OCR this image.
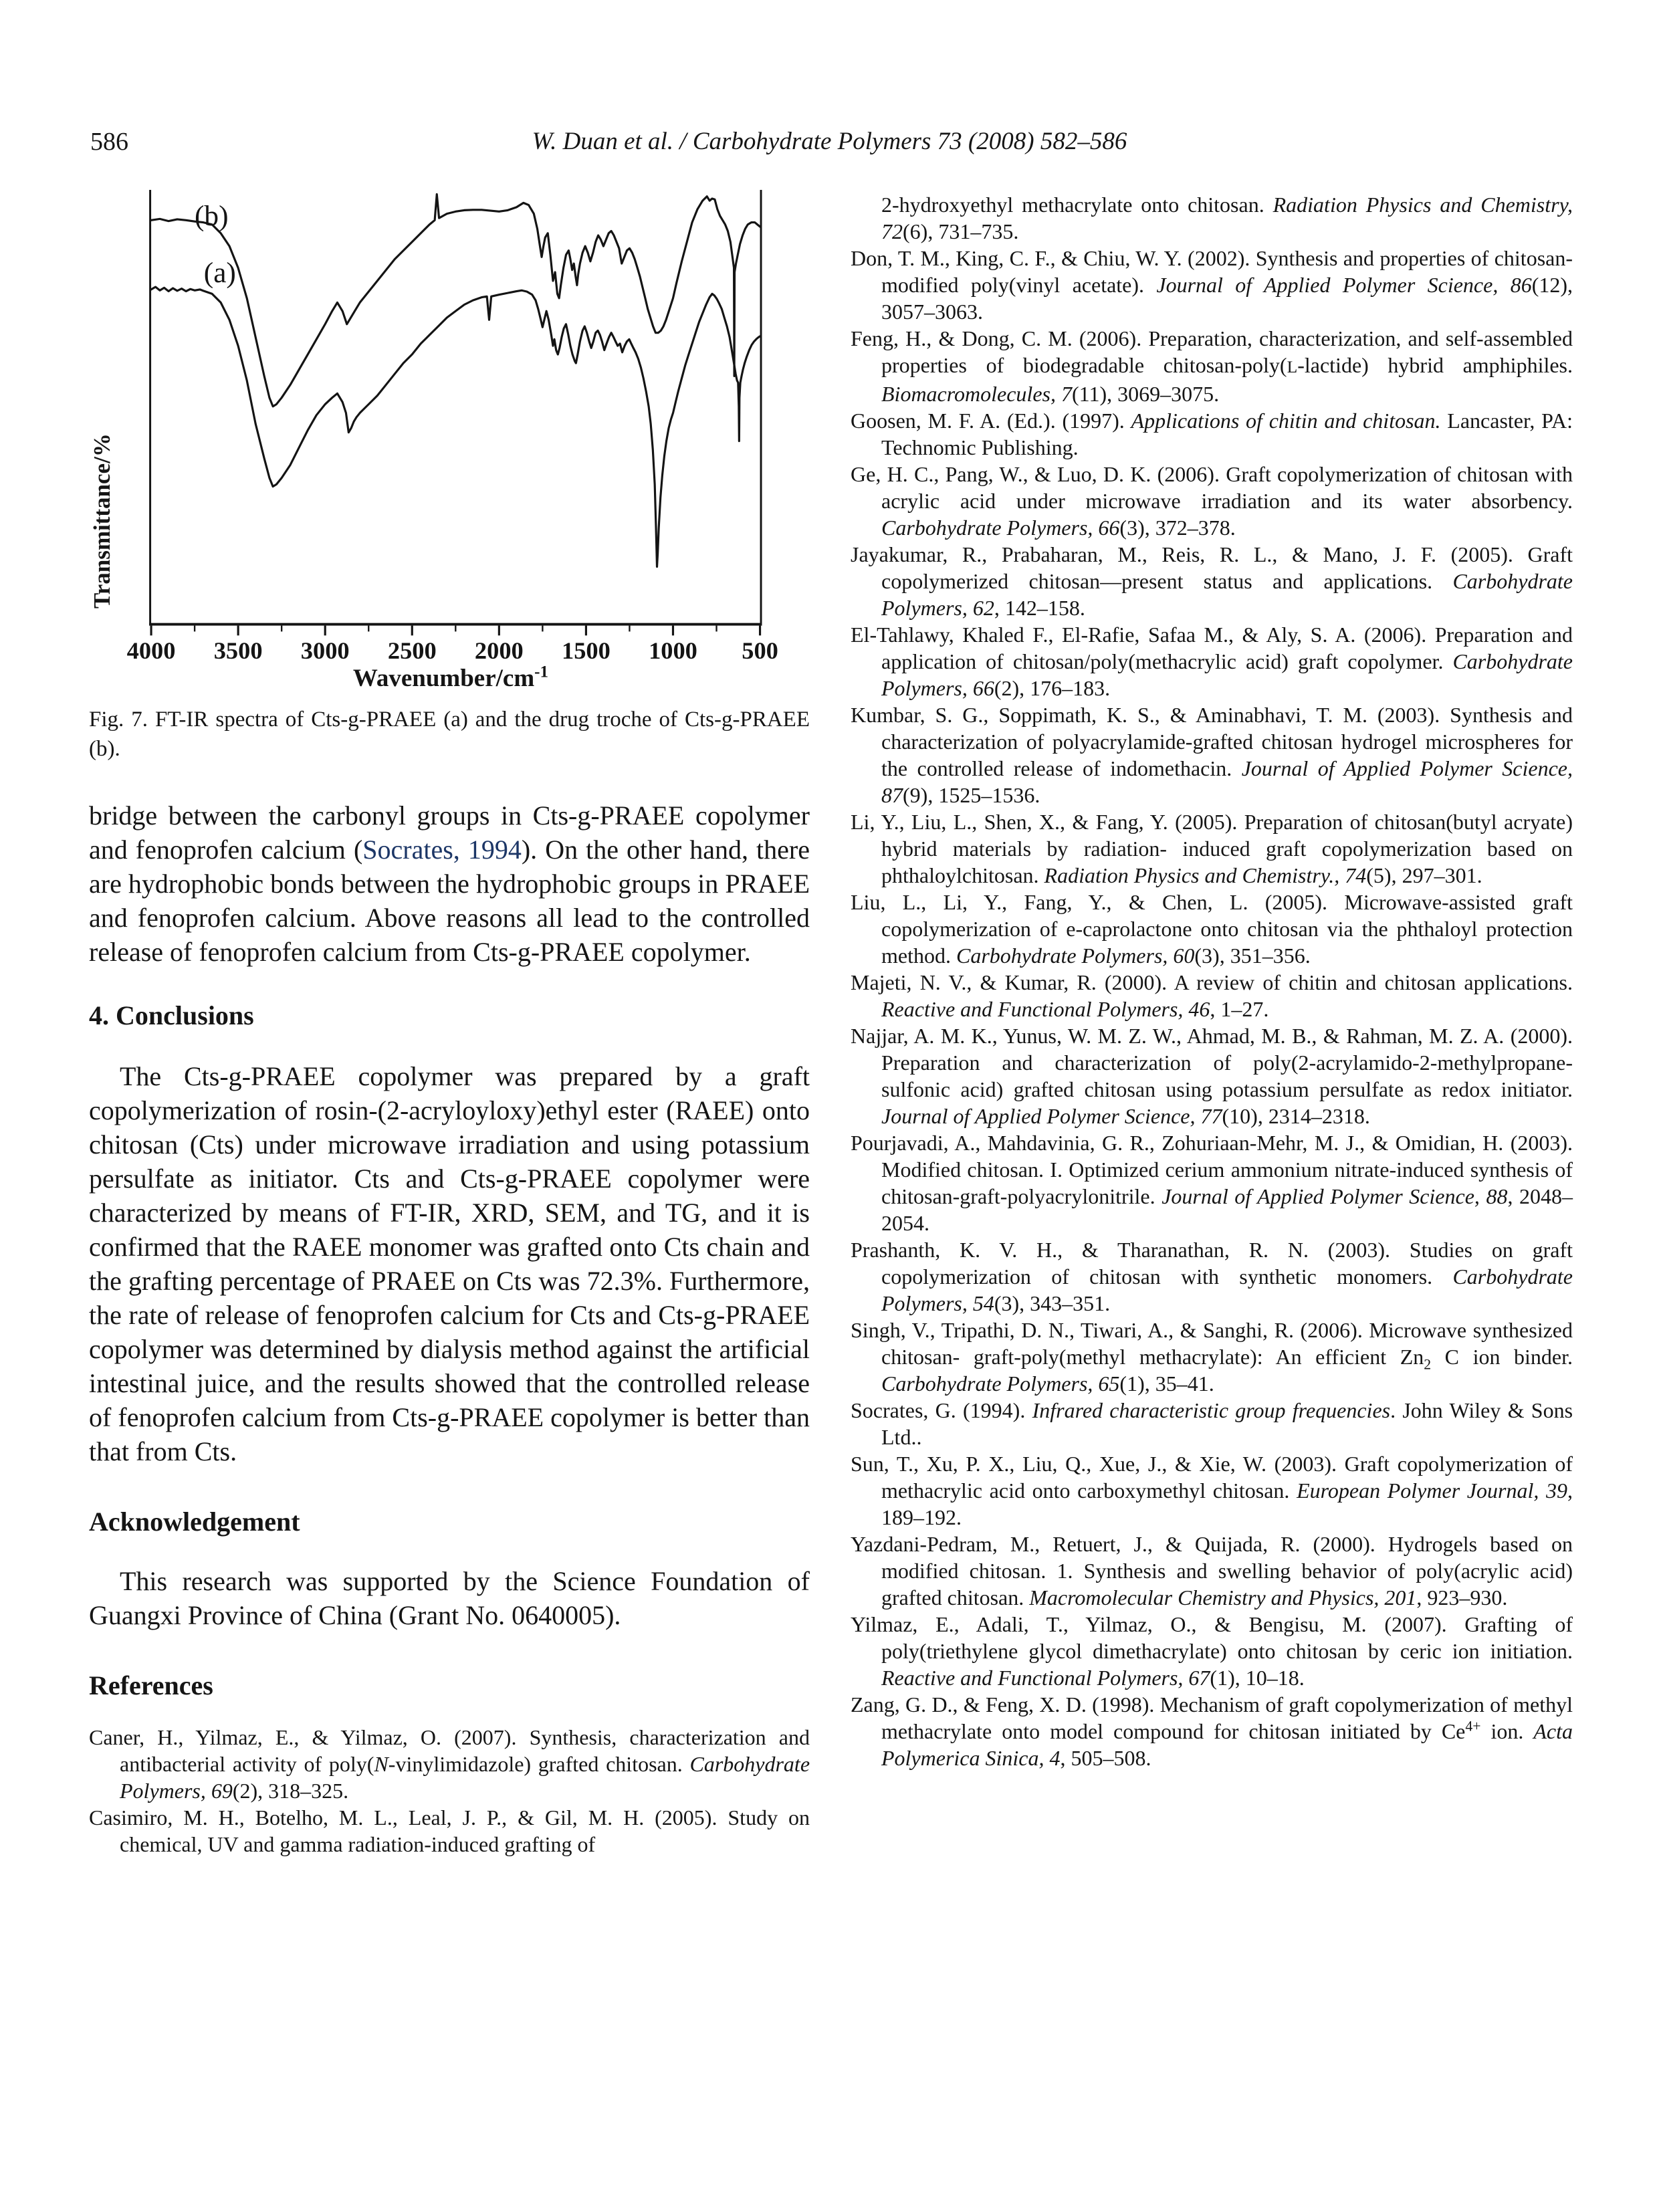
586	W. Duan et al. / Carbohydrate Polymers 73 (2008) 582–586
Transmittance/%
4000 3500 3000 2500 2000 1500 1000 500
(b)
(a)
Wavenumber/$cm^{-1}$

Fig. 7. FT-IR spectra of Cts-g-PRAEE (a) and the drug troche of Cts-g-PRAEE (b).

bridge between the carbonyl groups in Cts-g-PRAEE copolymer and fenoprofen calcium (Socrates, 1994). On the other hand, there are hydrophobic bonds between the hydrophobic groups in PRAEE and fenoprofen calcium. Above reasons all lead to the controlled release of fenoprofen calcium from Cts-g-PRAEE copolymer.

4. Conclusions

The Cts-g-PRAEE copolymer was prepared by a graft copolymerization of rosin-(2-acryloyloxy)ethyl ester (RAEE) onto chitosan (Cts) under microwave irradiation and using potassium persulfate as initiator. Cts and Cts-g-PRAEE copolymer were characterized by means of FT-IR, XRD, SEM, and TG, and it is confirmed that the RAEE monomer was grafted onto Cts chain and the grafting percentage of PRAEE on Cts was 72.3%. Furthermore, the rate of release of fenoprofen calcium for Cts and Cts-g-PRAEE copolymer was determined by dialysis method against the artificial intestinal juice, and the results showed that the controlled release of fenoprofen calcium from Cts-g-PRAEE copolymer is better than that from Cts.

Acknowledgement

This research was supported by the Science Foundation of Guangxi Province of China (Grant No. 0640005).

References

Caner, H., Yilmaz, E., & Yilmaz, O. (2007). Synthesis, characterization and antibacterial activity of poly(N-vinylimidazole) grafted chitosan. Carbohydrate Polymers, 69(2), 318–325.

Casimiro, M. H., Botelho, M. L., Leal, J. P., & Gil, M. H. (2005). Study on chemical, UV and gamma radiation-induced grafting of

2-hydroxyethyl methacrylate onto chitosan. Radiation Physics and Chemistry, 72(6), 731–735.

Don, T. M., King, C. F., & Chiu, W. Y. (2002). Synthesis and properties of chitosan-modified poly(vinyl acetate). Journal of Applied Polymer Science, 86(12), 3057–3063.

Feng, H., & Dong, C. M. (2006). Preparation, characterization, and self-assembled properties of biodegradable chitosan-poly(L-lactide) hybrid amphiphiles. Biomacromolecules, 7(11), 3069–3075.

Goosen, M. F. A. (Ed.). (1997). Applications of chitin and chitosan. Lancaster, PA: Technomic Publishing.

Ge, H. C., Pang, W., & Luo, D. K. (2006). Graft copolymerization of chitosan with acrylic acid under microwave irradiation and its water absorbency. Carbohydrate Polymers, 66(3), 372–378.

Jayakumar, R., Prabaharan, M., Reis, R. L., & Mano, J. F. (2005). Graft copolymerized chitosan—present status and applications. Carbohydrate Polymers, 62, 142–158.

El-Tahlawy, Khaled F., El-Rafie, Safaa M., & Aly, S. A. (2006). Preparation and application of chitosan/poly(methacrylic acid) graft copolymer. Carbohydrate Polymers, 66(2), 176–183.

Kumbar, S. G., Soppimath, K. S., & Aminabhavi, T. M. (2003). Synthesis and characterization of polyacrylamide-grafted chitosan hydrogel microspheres for the controlled release of indomethacin. Journal of Applied Polymer Science, 87(9), 1525–1536.

Li, Y., Liu, L., Shen, X., & Fang, Y. (2005). Preparation of chitosan(butyl acryate) hybrid materials by radiation- induced graft copolymerization based on phthaloylchitosan. Radiation Physics and Chemistry., 74(5), 297–301.

Liu, L., Li, Y., Fang, Y., & Chen, L. (2005). Microwave-assisted graft copolymerization of e-caprolactone onto chitosan via the phthaloyl protection method. Carbohydrate Polymers, 60(3), 351–356.

Majeti, N. V., & Kumar, R. (2000). A review of chitin and chitosan applications. Reactive and Functional Polymers, 46, 1–27.

Najjar, A. M. K., Yunus, W. M. Z. W., Ahmad, M. B., & Rahman, M. Z. A. (2000). Preparation and characterization of poly(2-acrylamido-2-methylpropane-sulfonic acid) grafted chitosan using potassium persulfate as redox initiator. Journal of Applied Polymer Science, 77(10), 2314–2318.

Pourjavadi, A., Mahdavinia, G. R., Zohuriaan-Mehr, M. J., & Omidian, H. (2003). Modified chitosan. I. Optimized cerium ammonium nitrate-induced synthesis of chitosan-graft-polyacrylonitrile. Journal of Applied Polymer Science, 88, 2048–2054.

Prashanth, K. V. H., & Tharanathan, R. N. (2003). Studies on graft copolymerization of chitosan with synthetic monomers. Carbohydrate Polymers, 54(3), 343–351.

Singh, V., Tripathi, D. N., Tiwari, A., & Sanghi, R. (2006). Microwave synthesized chitosan- graft-poly(methyl methacrylate): An efficient $Zn_2$ C ion binder. Carbohydrate Polymers, 65(1), 35–41.

Socrates, G. (1994). Infrared characteristic group frequencies. John Wiley & Sons Ltd..

Sun, T., Xu, P. X., Liu, Q., Xue, J., & Xie, W. (2003). Graft copolymerization of methacrylic acid onto carboxymethyl chitosan. European Polymer Journal, 39, 189–192.

Yazdani-Pedram, M., Retuert, J., & Quijada, R. (2000). Hydrogels based on modified chitosan. 1. Synthesis and swelling behavior of poly(acrylic acid) grafted chitosan. Macromolecular Chemistry and Physics, 201, 923–930.

Yilmaz, E., Adali, T., Yilmaz, O., & Bengisu, M. (2007). Grafting of poly(triethylene glycol dimethacrylate) onto chitosan by ceric ion initiation. Reactive and Functional Polymers, 67(1), 10–18.

Zang, G. D., & Feng, X. D. (1998). Mechanism of graft copolymerization of methyl methacrylate onto model compound for chitosan initiated by $Ce^{4+}$ ion. Acta Polymerica Sinica, 4, 505–508.
